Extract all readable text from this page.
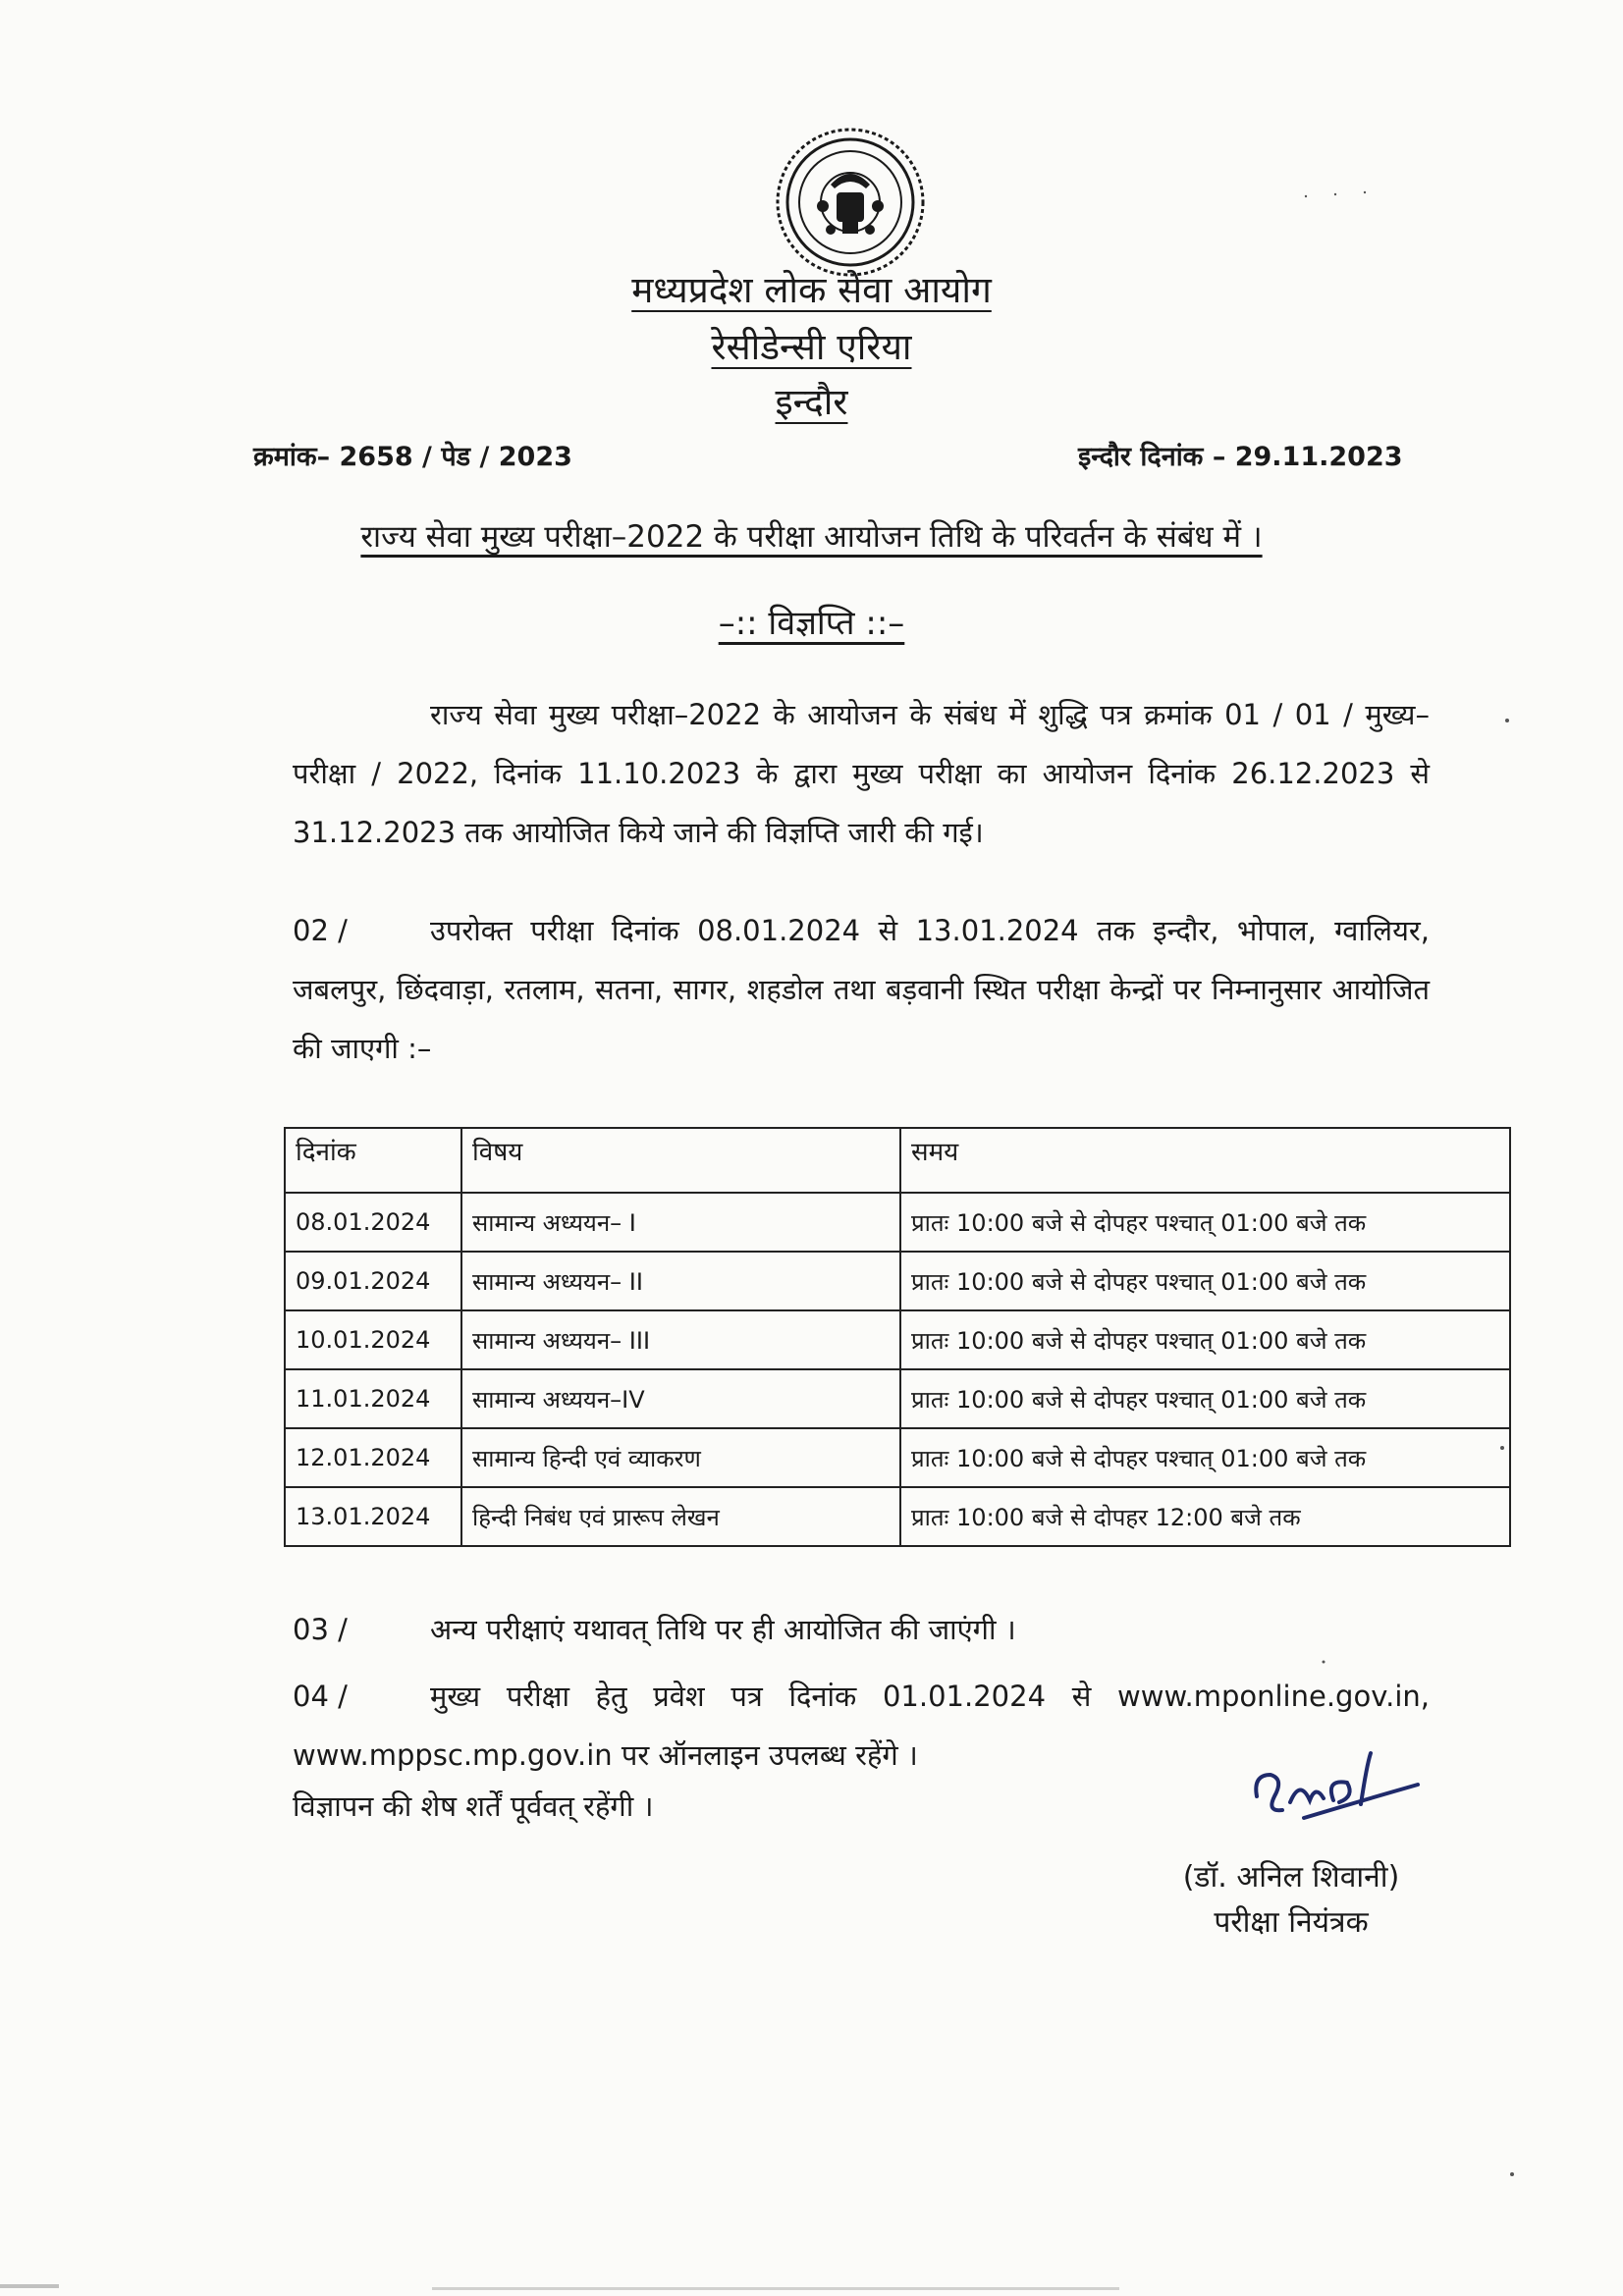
मध्यप्रदेश लोक सेवा आयोग
रेसीडेन्सी एरिया
इन्दौर
क्रमांक– 2658 / पेड / 2023	इन्दौर दिनांक – 29.11.2023
राज्य सेवा मुख्य परीक्षा–2022 के परीक्षा आयोजन तिथि के परिवर्तन के संबंध में ।
–:: विज्ञप्ति ::–

राज्य सेवा मुख्य परीक्षा–2022 के आयोजन के संबंध में शुद्धि पत्र क्रमांक 01 / 01 / मुख्य–परीक्षा / 2022, दिनांक 11.10.2023 के द्वारा मुख्य परीक्षा का आयोजन दिनांक 26.12.2023 से 31.12.2023 तक आयोजित किये जाने की विज्ञप्ति जारी की गई।

02 /	उपरोक्त परीक्षा दिनांक 08.01.2024 से 13.01.2024 तक इन्दौर, भोपाल, ग्वालियर, जबलपुर, छिंदवाड़ा, रतलाम, सतना, सागर, शहडोल तथा बड़वानी स्थित परीक्षा केन्द्रों पर निम्नानुसार आयोजित की जाएगी :–

दिनांक	विषय	समय
08.01.2024	सामान्य अध्ययन– I	प्रातः 10:00 बजे से दोपहर पश्चात् 01:00 बजे तक
09.01.2024	सामान्य अध्ययन– II	प्रातः 10:00 बजे से दोपहर पश्चात् 01:00 बजे तक
10.01.2024	सामान्य अध्ययन– III	प्रातः 10:00 बजे से दोपहर पश्चात् 01:00 बजे तक
11.01.2024	सामान्य अध्ययन–IV	प्रातः 10:00 बजे से दोपहर पश्चात् 01:00 बजे तक
12.01.2024	सामान्य हिन्दी एवं व्याकरण	प्रातः 10:00 बजे से दोपहर पश्चात् 01:00 बजे तक
13.01.2024	हिन्दी निबंध एवं प्रारूप लेखन	प्रातः 10:00 बजे से दोपहर 12:00 बजे तक

03 /	अन्य परीक्षाएं यथावत् तिथि पर ही आयोजित की जाएंगी ।

04 /	मुख्य परीक्षा हेतु प्रवेश पत्र दिनांक 01.01.2024 से www.mponline.gov.in, www.mppsc.mp.gov.in पर ऑनलाइन उपलब्ध रहेंगे ।

विज्ञापन की शेष शर्तें पूर्ववत् रहेंगी ।

(डॉ. अनिल शिवानी)
परीक्षा नियंत्रक
